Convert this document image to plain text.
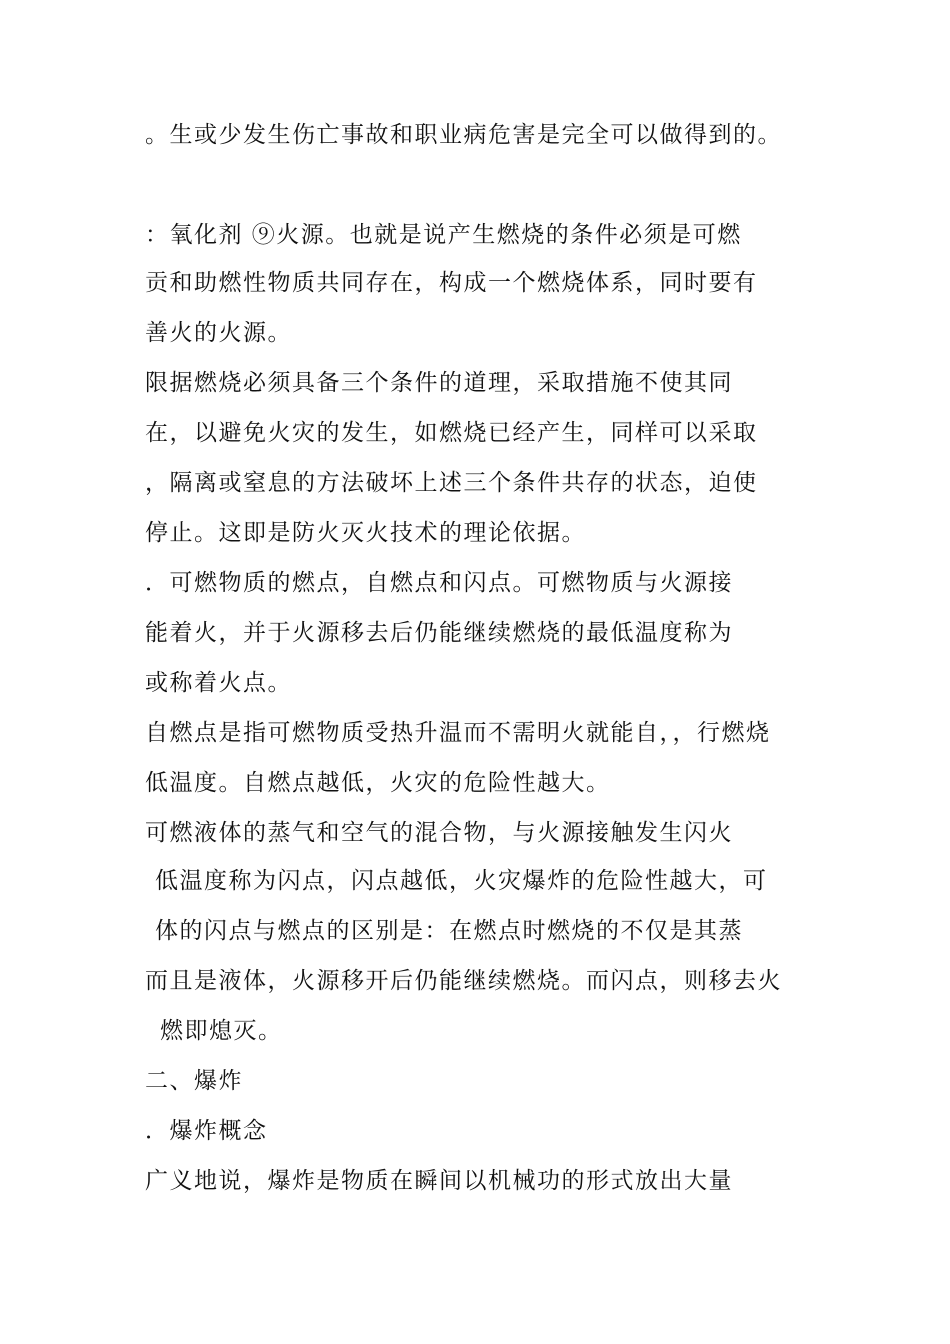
。生或少发生伤亡事故和职业病危害是完全可以做得到的。
：氧化剂 ⑨火源。也就是说产生燃烧的条件必须是可燃
贡和助燃性物质共同存在，构成一个燃烧体系，同时要有
善火的火源。
限据燃烧必须具备三个条件的道理，采取措施不使其同
在，以避免火灾的发生，如燃烧已经产生，同样可以采取
，隔离或窒息的方法破坏上述三个条件共存的状态，迫使
停止。这即是防火灭火技术的理论依据。
．可燃物质的燃点，自燃点和闪点。可燃物质与火源接
能着火，并于火源移去后仍能继续燃烧的最低温度称为
或称着火点。
自燃点是指可燃物质受热升温而不需明火就能自，，行燃烧
低温度。自燃点越低，火灾的危险性越大。
可燃液体的蒸气和空气的混合物，与火源接触发生闪火
低温度称为闪点，闪点越低，火灾爆炸的危险性越大，可
体的闪点与燃点的区别是：在燃点时燃烧的不仅是其蒸
而且是液体，火源移开后仍能继续燃烧。而闪点，则移去火
燃即熄灭。
二、爆炸
．爆炸概念
广义地说，爆炸是物质在瞬间以机械功的形式放出大量
